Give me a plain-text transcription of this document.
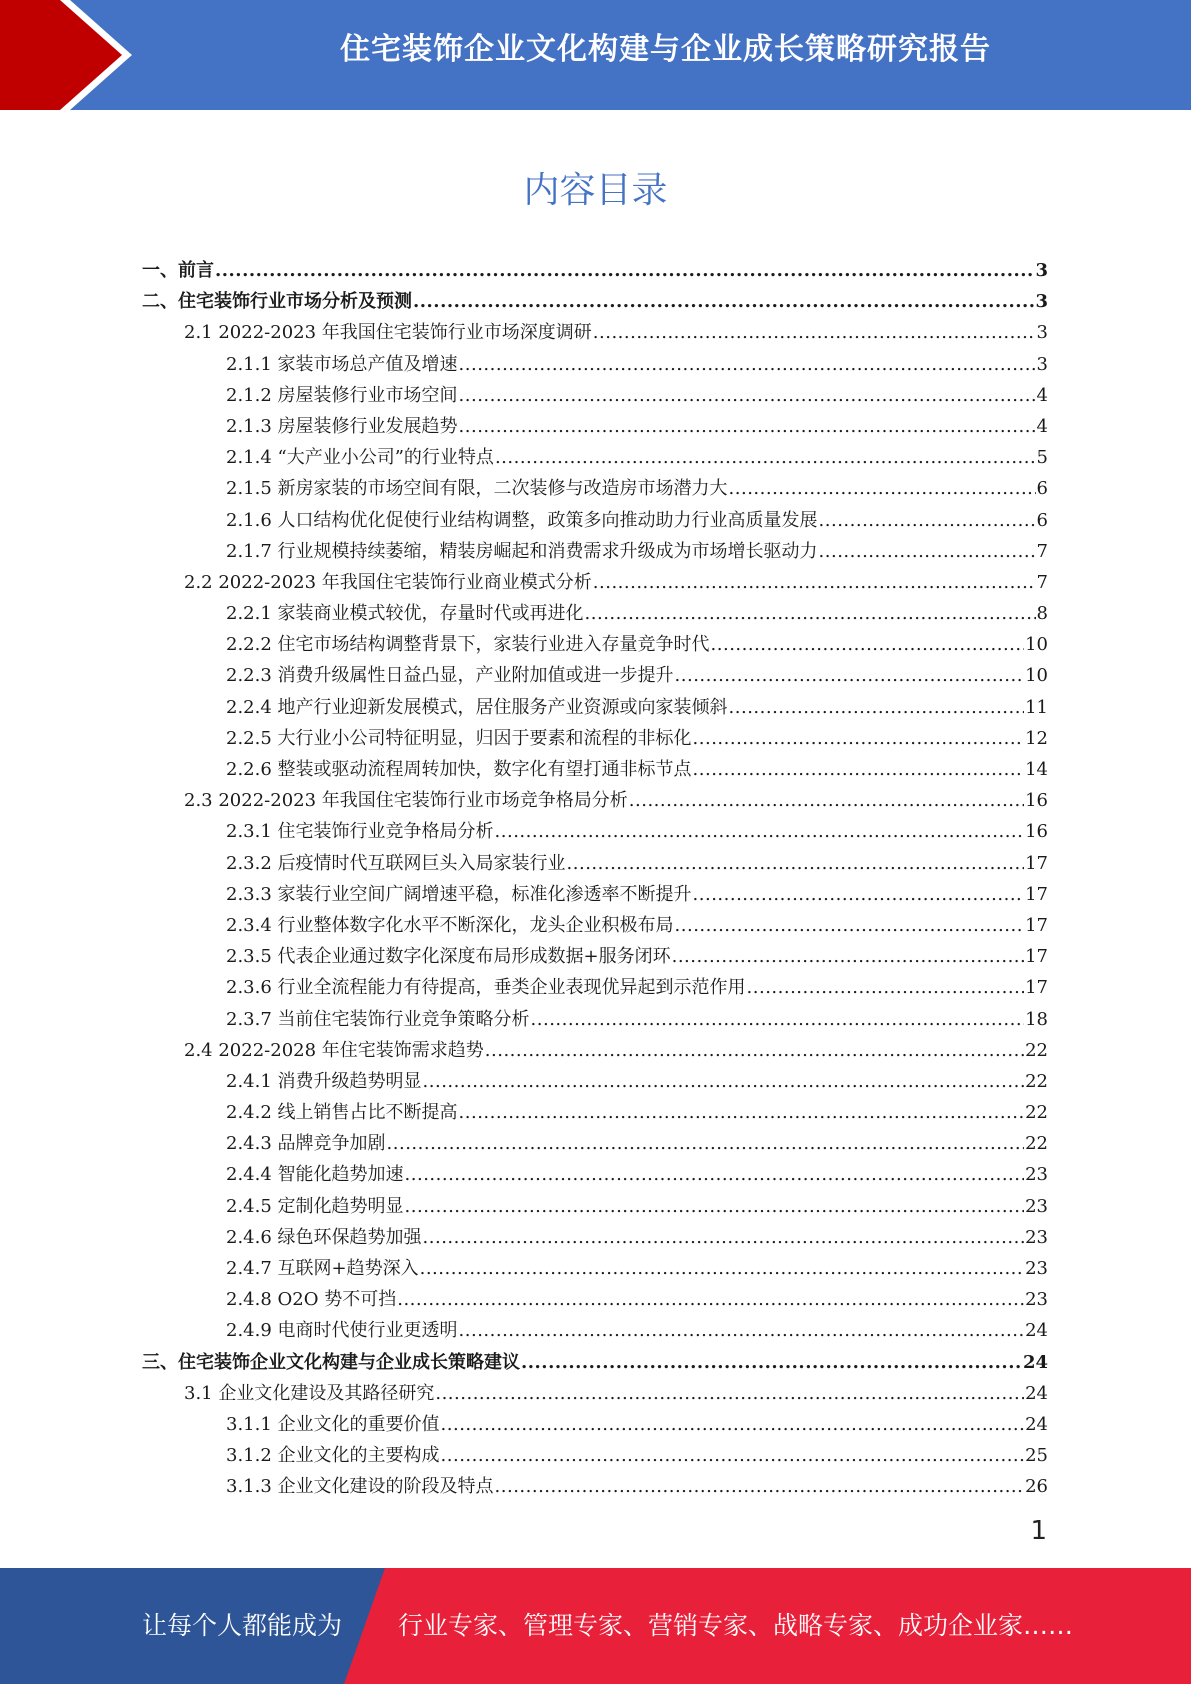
住宅装饰企业文化构建与企业成长策略研究报告
内容目录
一、前言 .....	3
二、住宅装饰行业市场分析及预测 .....	3
2.1 2022-2023 年我国住宅装饰行业市场深度调研 .....	3
2.1.1 家装市场总产值及增速 .....	3
2.1.2 房屋装修行业市场空间 .....	4
2.1.3 房屋装修行业发展趋势 .....	4
2.1.4 “大产业小公司”的行业特点 .....	5
2.1.5 新房家装的市场空间有限，二次装修与改造房市场潜力大 .....	6
2.1.6 人口结构优化促使行业结构调整，政策多向推动助力行业高质量发展 .....	6
2.1.7 行业规模持续萎缩，精装房崛起和消费需求升级成为市场增长驱动力 .....	7
2.2 2022-2023 年我国住宅装饰行业商业模式分析 .....	7
2.2.1 家装商业模式较优，存量时代或再进化 .....	8
2.2.2 住宅市场结构调整背景下，家装行业进入存量竞争时代 .....	10
2.2.3 消费升级属性日益凸显，产业附加值或进一步提升 .....	10
2.2.4 地产行业迎新发展模式，居住服务产业资源或向家装倾斜 .....	11
2.2.5 大行业小公司特征明显，归因于要素和流程的非标化 .....	12
2.2.6 整装或驱动流程周转加快，数字化有望打通非标节点 .....	14
2.3 2022-2023 年我国住宅装饰行业市场竞争格局分析 .....	16
2.3.1 住宅装饰行业竞争格局分析 .....	16
2.3.2 后疫情时代互联网巨头入局家装行业 .....	17
2.3.3 家装行业空间广阔增速平稳，标准化渗透率不断提升 .....	17
2.3.4 行业整体数字化水平不断深化，龙头企业积极布局 .....	17
2.3.5 代表企业通过数字化深度布局形成数据+服务闭环 .....	17
2.3.6 行业全流程能力有待提高，垂类企业表现优异起到示范作用 .....	17
2.3.7 当前住宅装饰行业竞争策略分析 .....	18
2.4 2022-2028 年住宅装饰需求趋势 .....	22
2.4.1 消费升级趋势明显 .....	22
2.4.2 线上销售占比不断提高 .....	22
2.4.3 品牌竞争加剧 .....	22
2.4.4 智能化趋势加速 .....	23
2.4.5 定制化趋势明显 .....	23
2.4.6 绿色环保趋势加强 .....	23
2.4.7 互联网+趋势深入 .....	23
2.4.8 O2O 势不可挡 .....	23
2.4.9 电商时代使行业更透明 .....	24
三、住宅装饰企业文化构建与企业成长策略建议 .....	24
3.1 企业文化建设及其路径研究 .....	24
3.1.1 企业文化的重要价值 .....	24
3.1.2 企业文化的主要构成 .....	25
3.1.3 企业文化建设的阶段及特点 .....	26
1
让每个人都能成为 行业专家、管理专家、营销专家、战略专家、成功企业家……
